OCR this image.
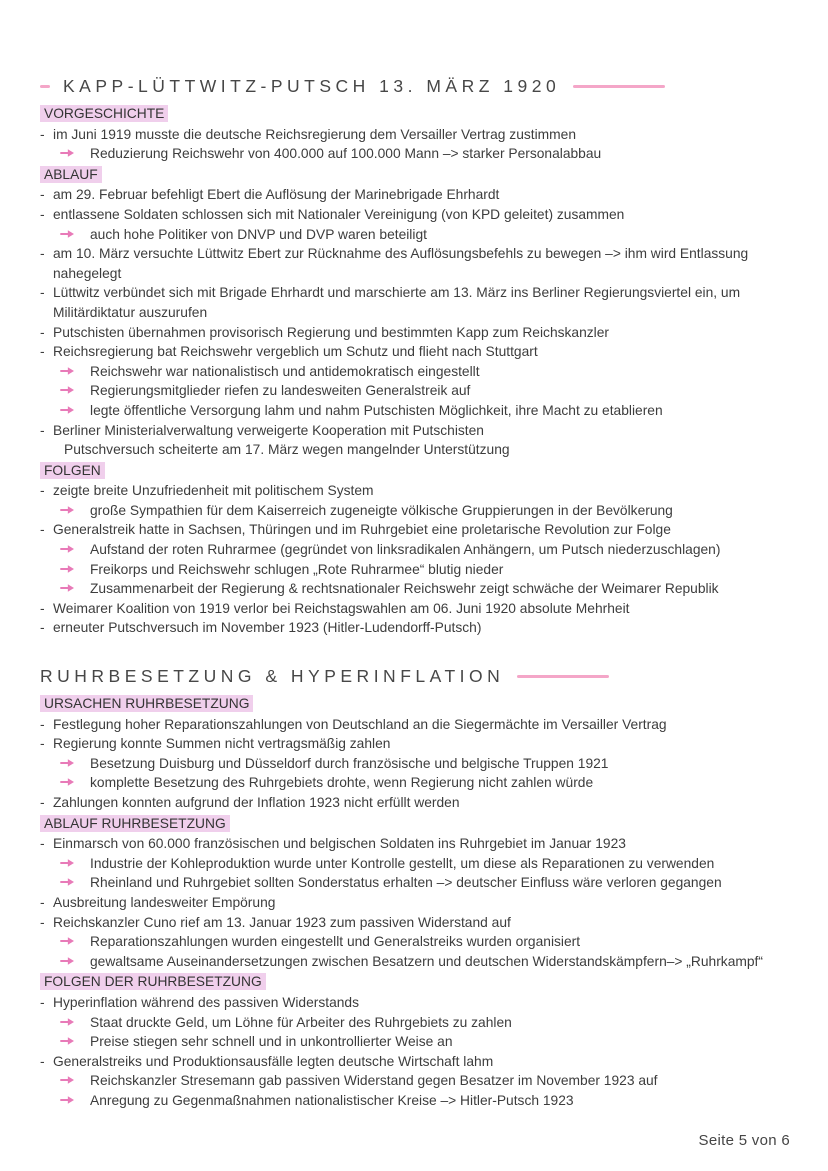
KAPP-LÜTTWITZ-PUTSCH 13. MÄRZ 1920
VORGESCHICHTE
- im Juni 1919 musste die deutsche Reichsregierung dem Versailler Vertrag zustimmen
Reduzierung Reichswehr von 400.000 auf 100.000 Mann –> starker Personalabbau
ABLAUF
- am 29. Februar befehligt Ebert die Auflösung der Marinebrigade Ehrhardt
- entlassene Soldaten schlossen sich mit Nationaler Vereinigung (von KPD geleitet) zusammen
auch hohe Politiker von DNVP und DVP waren beteiligt
- am 10. März versuchte Lüttwitz Ebert zur Rücknahme des Auflösungsbefehls zu bewegen –> ihm wird Entlassung nahegelegt
- Lüttwitz verbündet sich mit Brigade Ehrhardt und marschierte am 13. März ins Berliner Regierungsviertel ein, um Militärdiktatur auszurufen
- Putschisten übernahmen provisorisch Regierung und bestimmten Kapp zum Reichskanzler
- Reichsregierung bat Reichswehr vergeblich um Schutz und flieht nach Stuttgart
Reichswehr war nationalistisch und antidemokratisch eingestellt
Regierungsmitglieder riefen zu landesweiten Generalstreik auf
legte öffentliche Versorgung lahm und nahm Putschisten Möglichkeit, ihre Macht zu etablieren
- Berliner Ministerialverwaltung verweigerte Kooperation mit Putschisten
Putschversuch scheiterte am 17. März wegen mangelnder Unterstützung
FOLGEN
- zeigte breite Unzufriedenheit mit politischem System
große Sympathien für dem Kaiserreich zugeneigte völkische Gruppierungen in der Bevölkerung
- Generalstreik hatte in Sachsen, Thüringen und im Ruhrgebiet eine proletarische Revolution zur Folge
Aufstand der roten Ruhrarmee (gegründet von linksradikalen Anhängern, um Putsch niederzuschlagen)
Freikorps und Reichswehr schlugen „Rote Ruhrarmee“ blutig nieder
Zusammenarbeit der Regierung & rechtsnationaler Reichswehr zeigt schwäche der Weimarer Republik
- Weimarer Koalition von 1919 verlor bei Reichstagswahlen am 06. Juni 1920 absolute Mehrheit
- erneuter Putschversuch im November 1923 (Hitler-Ludendorff-Putsch)
RUHRBESETZUNG & HYPERINFLATION
URSACHEN RUHRBESETZUNG
- Festlegung hoher Reparationszahlungen von Deutschland an die Siegermächte im Versailler Vertrag
- Regierung konnte Summen nicht vertragsmäßig zahlen
Besetzung Duisburg und Düsseldorf durch französische und belgische Truppen 1921
komplette Besetzung des Ruhrgebiets drohte, wenn Regierung nicht zahlen würde
- Zahlungen konnten aufgrund der Inflation 1923 nicht erfüllt werden
ABLAUF RUHRBESETZUNG
- Einmarsch von 60.000 französischen und belgischen Soldaten ins Ruhrgebiet im Januar 1923
Industrie der Kohleproduktion wurde unter Kontrolle gestellt, um diese als Reparationen zu verwenden
Rheinland und Ruhrgebiet sollten Sonderstatus erhalten –> deutscher Einfluss wäre verloren gegangen
- Ausbreitung landesweiter Empörung
- Reichskanzler Cuno rief am 13. Januar 1923 zum passiven Widerstand auf
Reparationszahlungen wurden eingestellt und Generalstreiks wurden organisiert
gewaltsame Auseinandersetzungen zwischen Besatzern und deutschen Widerstandskämpfern–> „Ruhrkampf“
FOLGEN DER RUHRBESETZUNG
- Hyperinflation während des passiven Widerstands
Staat druckte Geld, um Löhne für Arbeiter des Ruhrgebiets zu zahlen
Preise stiegen sehr schnell und in unkontrollierter Weise an
- Generalstreiks und Produktionsausfälle legten deutsche Wirtschaft lahm
Reichskanzler Stresemann gab passiven Widerstand gegen Besatzer im November 1923 auf
Anregung zu Gegenmaßnahmen nationalistischer Kreise –> Hitler-Putsch 1923
Seite 5 von 6
